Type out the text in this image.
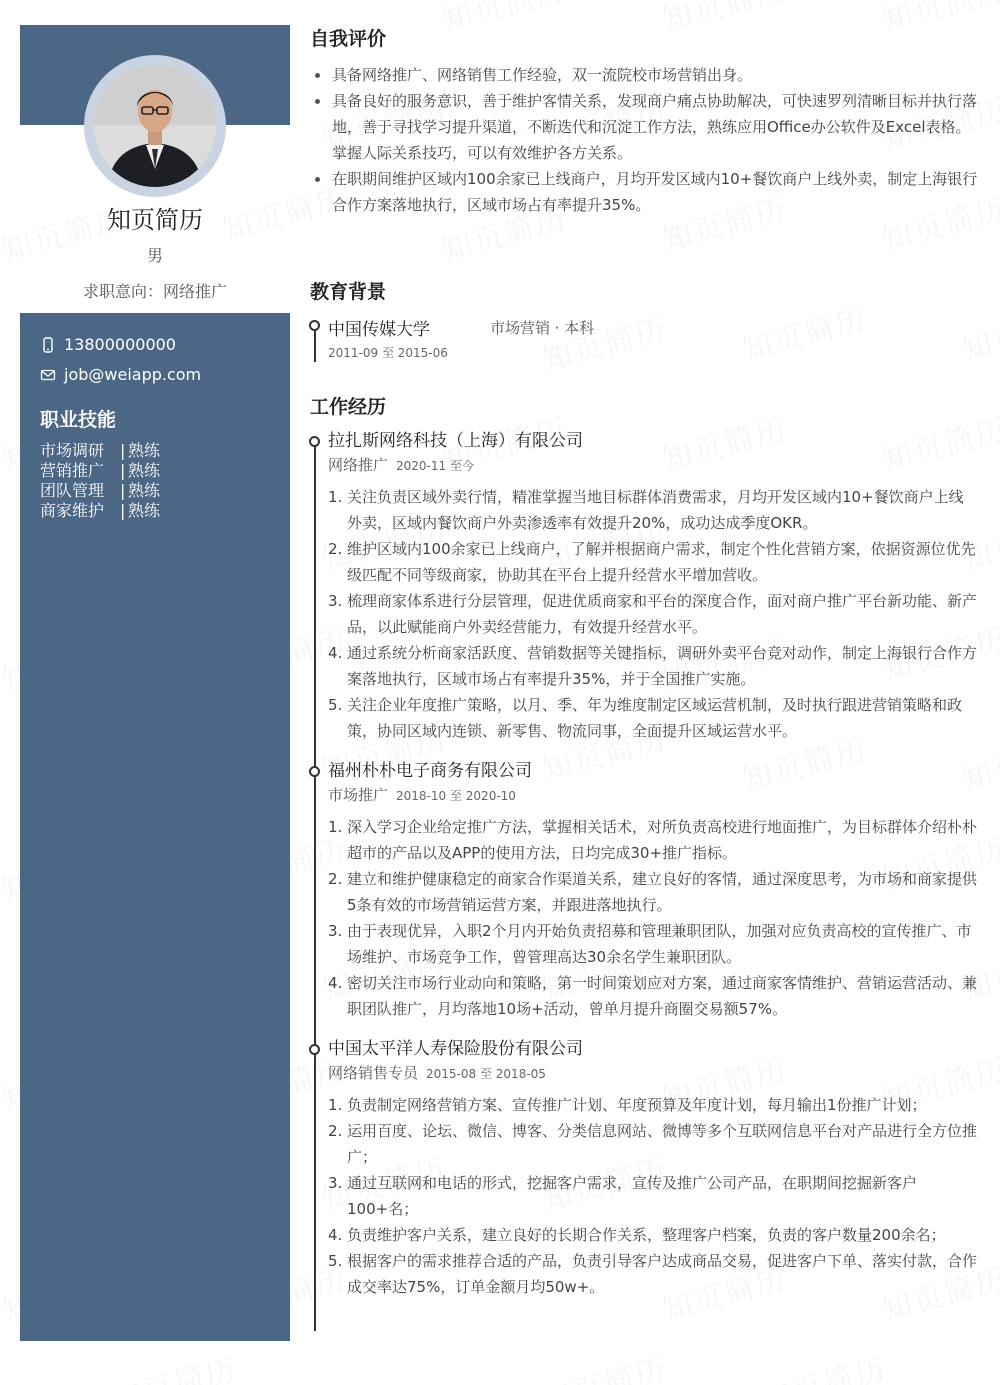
知页简历
男
求职意向：网络推广
13800000000
job@weiapp.com
职业技能
市场调研 | 熟练
营销推广 | 熟练
团队管理 | 熟练
商家维护 | 熟练
自我评价
具备网络推广、网络销售工作经验，双一流院校市场营销出身。
具备良好的服务意识，善于维护客情关系，发现商户痛点协助解决，可快速罗列清晰目标并执行落地，善于寻找学习提升渠道，不断迭代和沉淀工作方法，熟练应用Office办公软件及Excel表格。掌握人际关系技巧，可以有效维护各方关系。
在职期间维护区域内100余家已上线商户，月均开发区域内10+餐饮商户上线外卖，制定上海银行合作方案落地执行，区域市场占有率提升35%。
教育背景
中国传媒大学	市场营销 · 本科
2011-09 至 2015-06
工作经历
拉扎斯网络科技（上海）有限公司
网络推广 2020-11 至今
1. 关注负责区域外卖行情，精准掌握当地目标群体消费需求，月均开发区域内10+餐饮商户上线外卖，区域内餐饮商户外卖渗透率有效提升20%，成功达成季度OKR。
2. 维护区域内100余家已上线商户，了解并根据商户需求，制定个性化营销方案，依据资源位优先级匹配不同等级商家，协助其在平台上提升经营水平增加营收。
3. 梳理商家体系进行分层管理，促进优质商家和平台的深度合作，面对商户推广平台新功能、新产品，以此赋能商户外卖经营能力，有效提升经营水平。
4. 通过系统分析商家活跃度、营销数据等关键指标，调研外卖平台竞对动作，制定上海银行合作方案落地执行，区域市场占有率提升35%，并于全国推广实施。
5. 关注企业年度推广策略，以月、季、年为维度制定区域运营机制，及时执行跟进营销策略和政策，协同区域内连锁、新零售、物流同事，全面提升区域运营水平。
福州朴朴电子商务有限公司
市场推广 2018-10 至 2020-10
1. 深入学习企业给定推广方法，掌握相关话术，对所负责高校进行地面推广，为目标群体介绍朴朴超市的产品以及APP的使用方法，日均完成30+推广指标。
2. 建立和维护健康稳定的商家合作渠道关系，建立良好的客情，通过深度思考，为市场和商家提供5条有效的市场营销运营方案，并跟进落地执行。
3. 由于表现优异，入职2个月内开始负责招募和管理兼职团队，加强对应负责高校的宣传推广、市场维护、市场竞争工作，曾管理高达30余名学生兼职团队。
4. 密切关注市场行业动向和策略，第一时间策划应对方案，通过商家客情维护、营销运营活动、兼职团队推广，月均落地10场+活动，曾单月提升商圈交易额57%。
中国太平洋人寿保险股份有限公司
网络销售专员 2015-08 至 2018-05
1. 负责制定网络营销方案、宣传推广计划、年度预算及年度计划，每月输出1份推广计划；
2. 运用百度、论坛、微信、博客、分类信息网站、微博等多个互联网信息平台对产品进行全方位推广；
3. 通过互联网和电话的形式，挖掘客户需求，宣传及推广公司产品，在职期间挖掘新客户100+名；
4. 负责维护客户关系，建立良好的长期合作关系，整理客户档案，负责的客户数量200余名；
5. 根据客户的需求推荐合适的产品，负责引导客户达成商品交易，促进客户下单、落实付款，合作成交率达75%，订单金额月均50w+。
